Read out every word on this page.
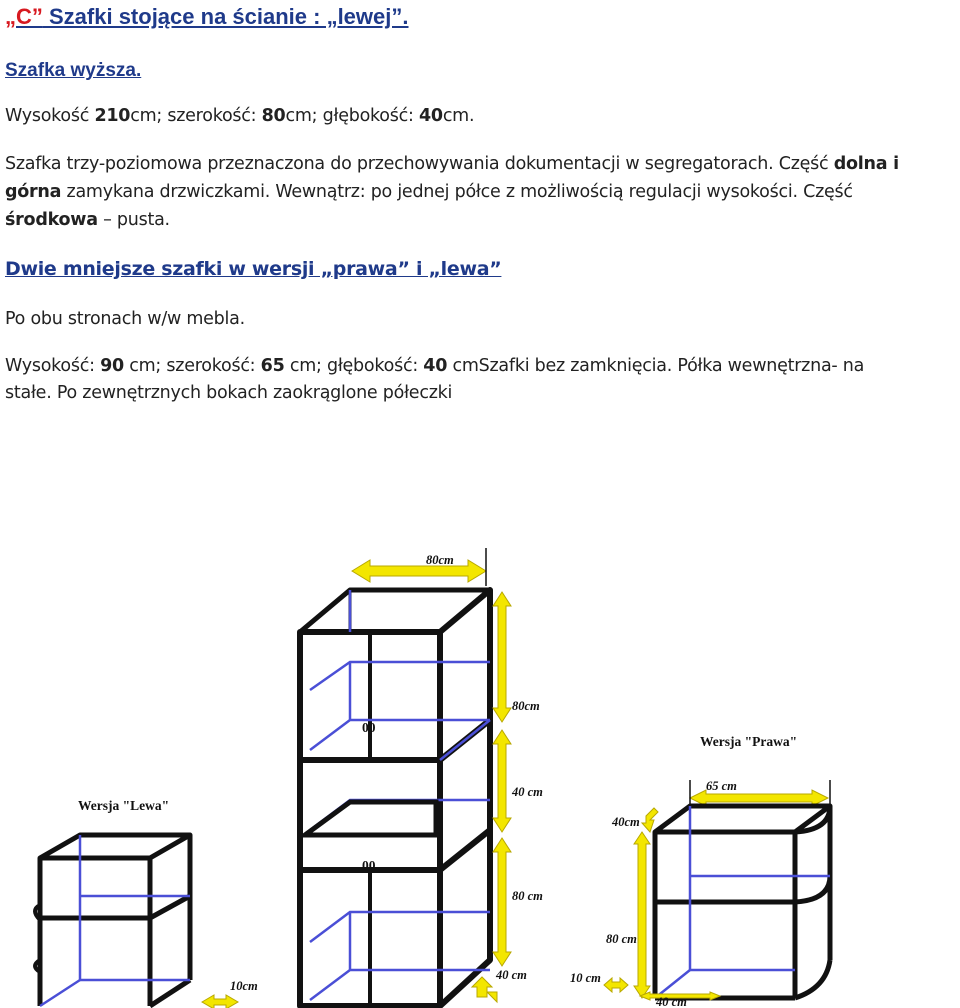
„C” Szafki stojące na ścianie : „lewej”.
Szafka wyższa.
Wysokość 210cm; szerokość: 80cm; głębokość: 40cm.
Szafka trzy-poziomowa przeznaczona do przechowywania dokumentacji w segregatorach. Część dolna i
górna zamykana drzwiczkami. Wewnątrz: po jednej półce z możliwością regulacji wysokości. Część
środkowa – pusta.
Dwie mniejsze szafki w wersji „prawa” i „lewa”
Po obu stronach w/w mebla.
Wysokość: 90 cm; szerokość: 65 cm; głębokość: 40 cmSzafki bez zamknięcia. Półka wewnętrzna- na
stałe. Po zewnętrznych bokach zaokrąglone półeczki
00
00
80cm
80cm
40 cm
80 cm
40 cm
Wersja "Lewa"
10cm
Wersja "Prawa"
65 cm
40cm
80 cm
10 cm
40 cm
